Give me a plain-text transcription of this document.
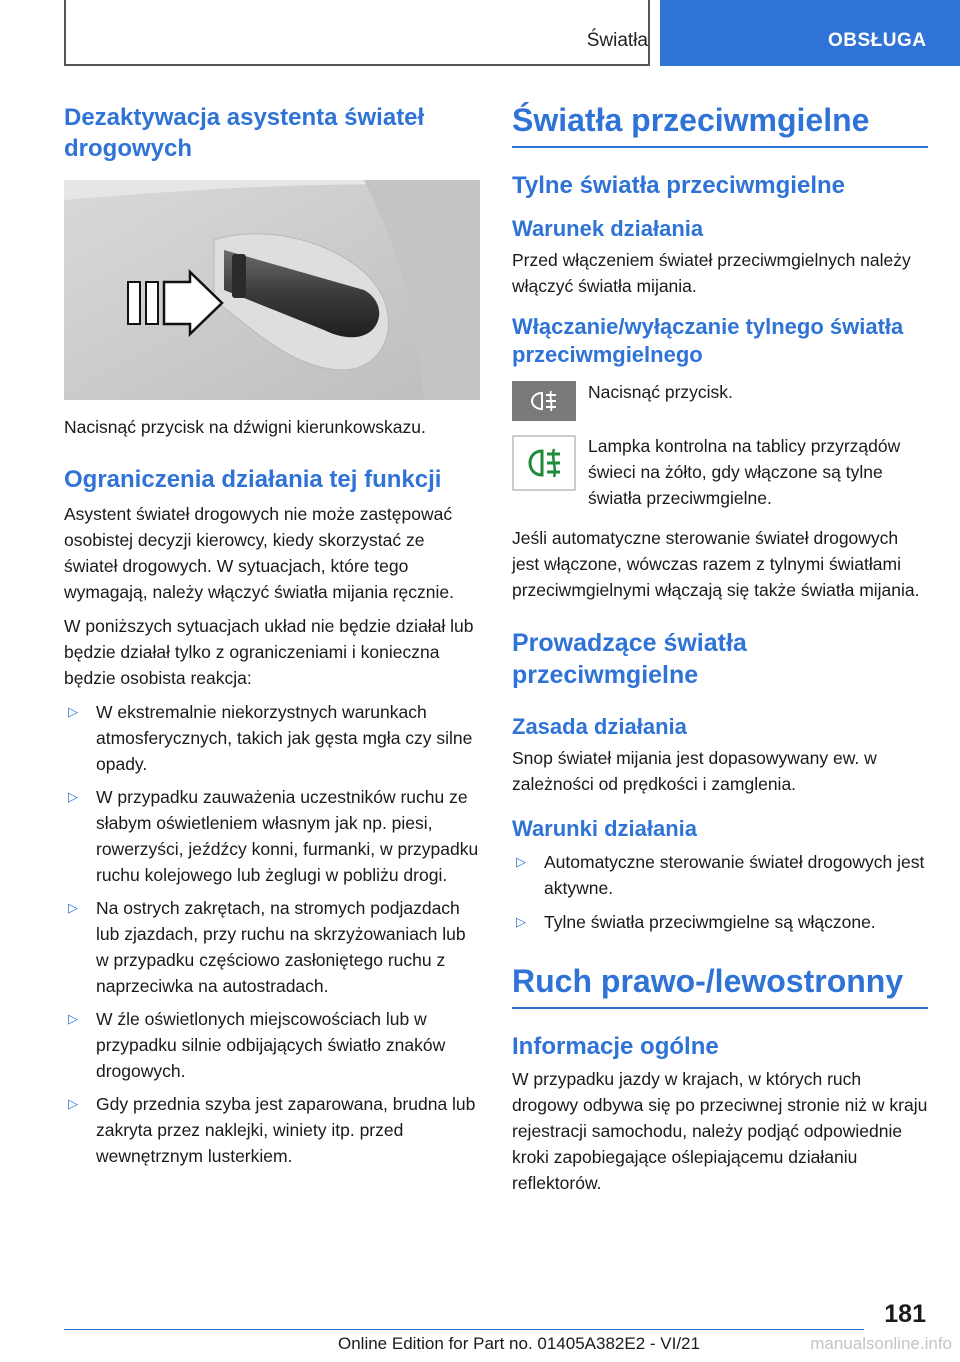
Światła	OBSŁUGA
Dezaktywacja asystenta świateł drogowych

Nacisnąć przycisk na dźwigni kierunkowskazu.

Ograniczenia działania tej funkcji

Asystent świateł drogowych nie może zastępować osobistej decyzji kierowcy, kiedy skorzystać ze świateł drogowych. W sytuacjach, które tego wymagają, należy włączyć światła mijania ręcznie.

W poniższych sytuacjach układ nie będzie działał lub będzie działał tylko z ograniczeniami i konieczna będzie osobista reakcja:

▷ W ekstremalnie niekorzystnych warunkach atmosferycznych, takich jak gęsta mgła czy silne opady.
▷ W przypadku zauważenia uczestników ruchu ze słabym oświetleniem własnym jak np. piesi, rowerzyści, jeźdźcy konni, furmanki, w przypadku ruchu kolejowego lub żeglugi w pobliżu drogi.
▷ Na ostrych zakrętach, na stromych podjazdach lub zjazdach, przy ruchu na skrzyżowaniach lub w przypadku częściowo zasłoniętego ruchu z naprzeciwka na autostradach.
▷ W źle oświetlonych miejscowościach lub w przypadku silnie odbijających światło znaków drogowych.
▷ Gdy przednia szyba jest zaparowana, brudna lub zakryta przez naklejki, winiety itp. przed wewnętrznym lusterkiem.
Światła przeciwmgielne
Tylne światła przeciwmgielne
Warunek działania

Przed włączeniem świateł przeciwmgielnych należy włączyć światła mijania.

Włączanie/wyłączanie tylnego światła przeciwmgielnego

Nacisnąć przycisk.

Lampka kontrolna na tablicy przyrządów świeci na żółto, gdy włączone są tylne światła przeciwmgielne.

Jeśli automatyczne sterowanie świateł drogowych jest włączone, wówczas razem z tylnymi światłami przeciwmgielnymi włączają się także światła mijania.

Prowadzące światła przeciwmgielne
Zasada działania

Snop świateł mijania jest dopasowywany ew. w zależności od prędkości i zamglenia.

Warunki działania
▷ Automatyczne sterowanie świateł drogowych jest aktywne.
▷ Tylne światła przeciwmgielne są włączone.
Ruch prawo-/lewostronny
Informacje ogólne

W przypadku jazdy w krajach, w których ruch drogowy odbywa się po przeciwnej stronie niż w kraju rejestracji samochodu, należy podjąć odpowiednie kroki zapobiegające oślepiającemu działaniu reflektorów.

181
Online Edition for Part no. 01405A382E2 - VI/21	manualsonline.info
